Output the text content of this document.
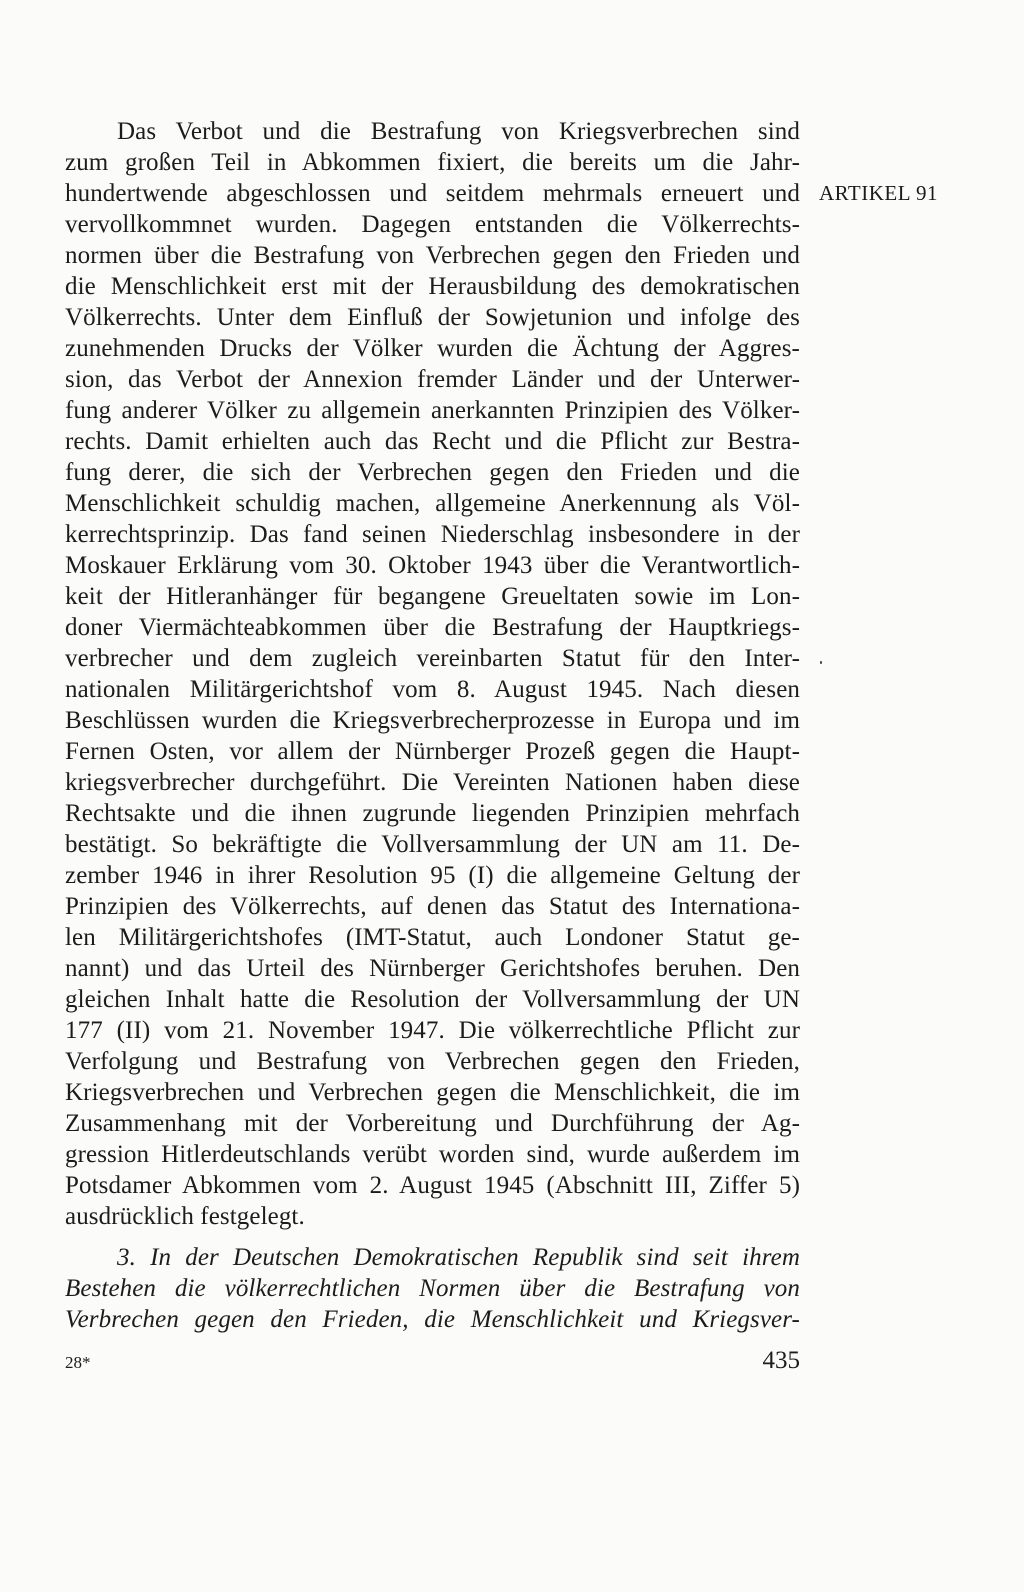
Das Verbot und die Bestrafung von Kriegsverbrechen sind
zum großen Teil in Abkommen fixiert, die bereits um die Jahr-
hundertwende abgeschlossen und seitdem mehrmals erneuert und
vervollkommnet wurden. Dagegen entstanden die Völkerrechts-
normen über die Bestrafung von Verbrechen gegen den Frieden und
die Menschlichkeit erst mit der Herausbildung des demokratischen
Völkerrechts. Unter dem Einfluß der Sowjetunion und infolge des
zunehmenden Drucks der Völker wurden die Ächtung der Aggres-
sion, das Verbot der Annexion fremder Länder und der Unterwer-
fung anderer Völker zu allgemein anerkannten Prinzipien des Völker-
rechts. Damit erhielten auch das Recht und die Pflicht zur Bestra-
fung derer, die sich der Verbrechen gegen den Frieden und die
Menschlichkeit schuldig machen, allgemeine Anerkennung als Völ-
kerrechtsprinzip. Das fand seinen Niederschlag insbesondere in der
Moskauer Erklärung vom 30. Oktober 1943 über die Verantwortlich-
keit der Hitleranhänger für begangene Greueltaten sowie im Lon-
doner Viermächteabkommen über die Bestrafung der Hauptkriegs-
verbrecher und dem zugleich vereinbarten Statut für den Inter-
nationalen Militärgerichtshof vom 8. August 1945. Nach diesen
Beschlüssen wurden die Kriegsverbrecherprozesse in Europa und im
Fernen Osten, vor allem der Nürnberger Prozeß gegen die Haupt-
kriegsverbrecher durchgeführt. Die Vereinten Nationen haben diese
Rechtsakte und die ihnen zugrunde liegenden Prinzipien mehrfach
bestätigt. So bekräftigte die Vollversammlung der UN am 11. De-
zember 1946 in ihrer Resolution 95 (I) die allgemeine Geltung der
Prinzipien des Völkerrechts, auf denen das Statut des Internationa-
len Militärgerichtshofes (IMT-Statut, auch Londoner Statut ge-
nannt) und das Urteil des Nürnberger Gerichtshofes beruhen. Den
gleichen Inhalt hatte die Resolution der Vollversammlung der UN
177 (II) vom 21. November 1947. Die völkerrechtliche Pflicht zur
Verfolgung und Bestrafung von Verbrechen gegen den Frieden,
Kriegsverbrechen und Verbrechen gegen die Menschlichkeit, die im
Zusammenhang mit der Vorbereitung und Durchführung der Ag-
gression Hitlerdeutschlands verübt worden sind, wurde außerdem im
Potsdamer Abkommen vom 2. August 1945 (Abschnitt III, Ziffer 5)
ausdrücklich festgelegt.
3. In der Deutschen Demokratischen Republik sind seit ihrem
Bestehen die völkerrechtlichen Normen über die Bestrafung von
Verbrechen gegen den Frieden, die Menschlichkeit und Kriegsver-
ARTIKEL 91
28*	435
